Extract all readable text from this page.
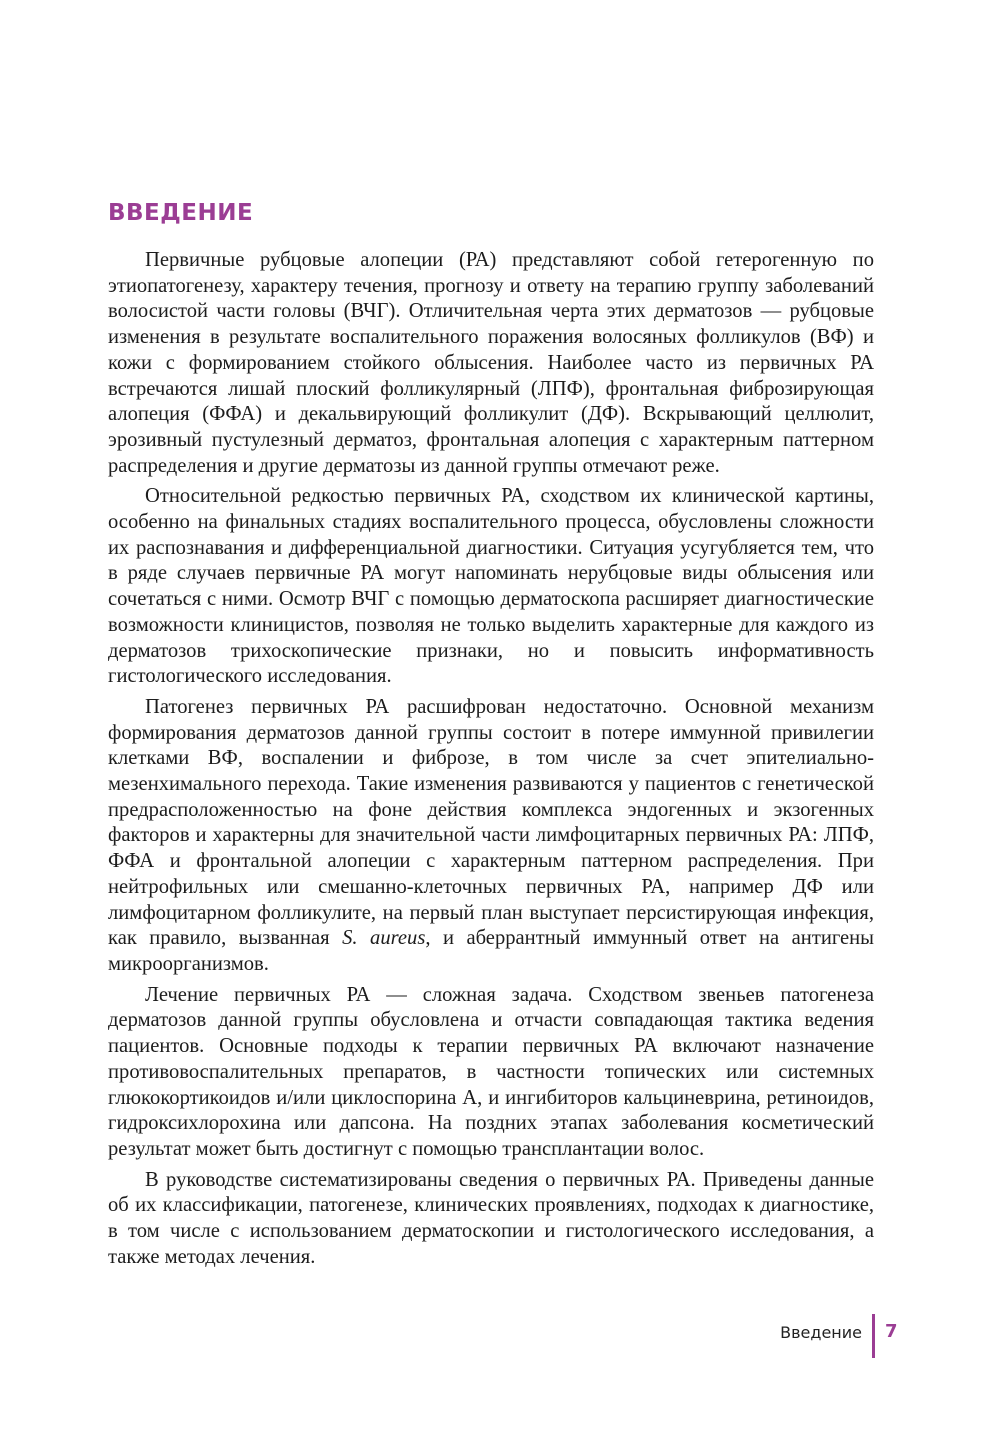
ВВЕДЕНИЕ

Первичные рубцовые алопеции (РА) представляют собой гетерогенную по этиопатогенезу, характеру течения, прогнозу и ответу на терапию группу заболеваний волосистой части головы (ВЧГ). Отличительная черта этих дерматозов — рубцовые изменения в результате воспалительного поражения волосяных фолликулов (ВФ) и кожи с формированием стойкого облысения. Наиболее часто из первичных РА встречаются лишай плоский фолликулярный (ЛПФ), фронтальная фиброзирующая алопеция (ФФА) и декальвирующий фолликулит (ДФ). Вскрывающий целлюлит, эрозивный пустулезный дерматоз, фронтальная алопеция с характерным паттерном распределения и другие дерматозы из данной группы отмечают реже.

Относительной редкостью первичных РА, сходством их клинической картины, особенно на финальных стадиях воспалительного процесса, обусловлены сложности их распознавания и дифференциальной диагностики. Ситуация усугубляется тем, что в ряде случаев первичные РА могут напоминать нерубцовые виды облысения или сочетаться с ними. Осмотр ВЧГ с помощью дерматоскопа расширяет диагностические возможности клиницистов, позволяя не только выделить характерные для каждого из дерматозов трихоскопические признаки, но и повысить информативность гистологического исследования.

Патогенез первичных РА расшифрован недостаточно. Основной механизм формирования дерматозов данной группы состоит в потере иммунной привилегии клетками ВФ, воспалении и фиброзе, в том числе за счет эпителиально-мезенхимального перехода. Такие изменения развиваются у пациентов с генетической предрасположенностью на фоне действия комплекса эндогенных и экзогенных факторов и характерны для значительной части лимфоцитарных первичных РА: ЛПФ, ФФА и фронтальной алопеции с характерным паттерном распределения. При нейтрофильных или смешанно-клеточных первичных РА, например ДФ или лимфоцитарном фолликулите, на первый план выступает персистирующая инфекция, как правило, вызванная S. aureus, и аберрантный иммунный ответ на антигены микроорганизмов.

Лечение первичных РА — сложная задача. Сходством звеньев патогенеза дерматозов данной группы обусловлена и отчасти совпадающая тактика ведения пациентов. Основные подходы к терапии первичных РА включают назначение противовоспалительных препаратов, в частности топических или системных глюкокортикоидов и/или циклоспорина А, и ингибиторов кальциневрина, ретиноидов, гидроксихлорохина или дапсона. На поздних этапах заболевания косметический результат может быть достигнут с помощью трансплантации волос.

В руководстве систематизированы сведения о первичных РА. Приведены данные об их классификации, патогенезе, клинических проявлениях, подходах к диагностике, в том числе с использованием дерматоскопии и гистологического исследования, а также методах лечения.

Введение 7
